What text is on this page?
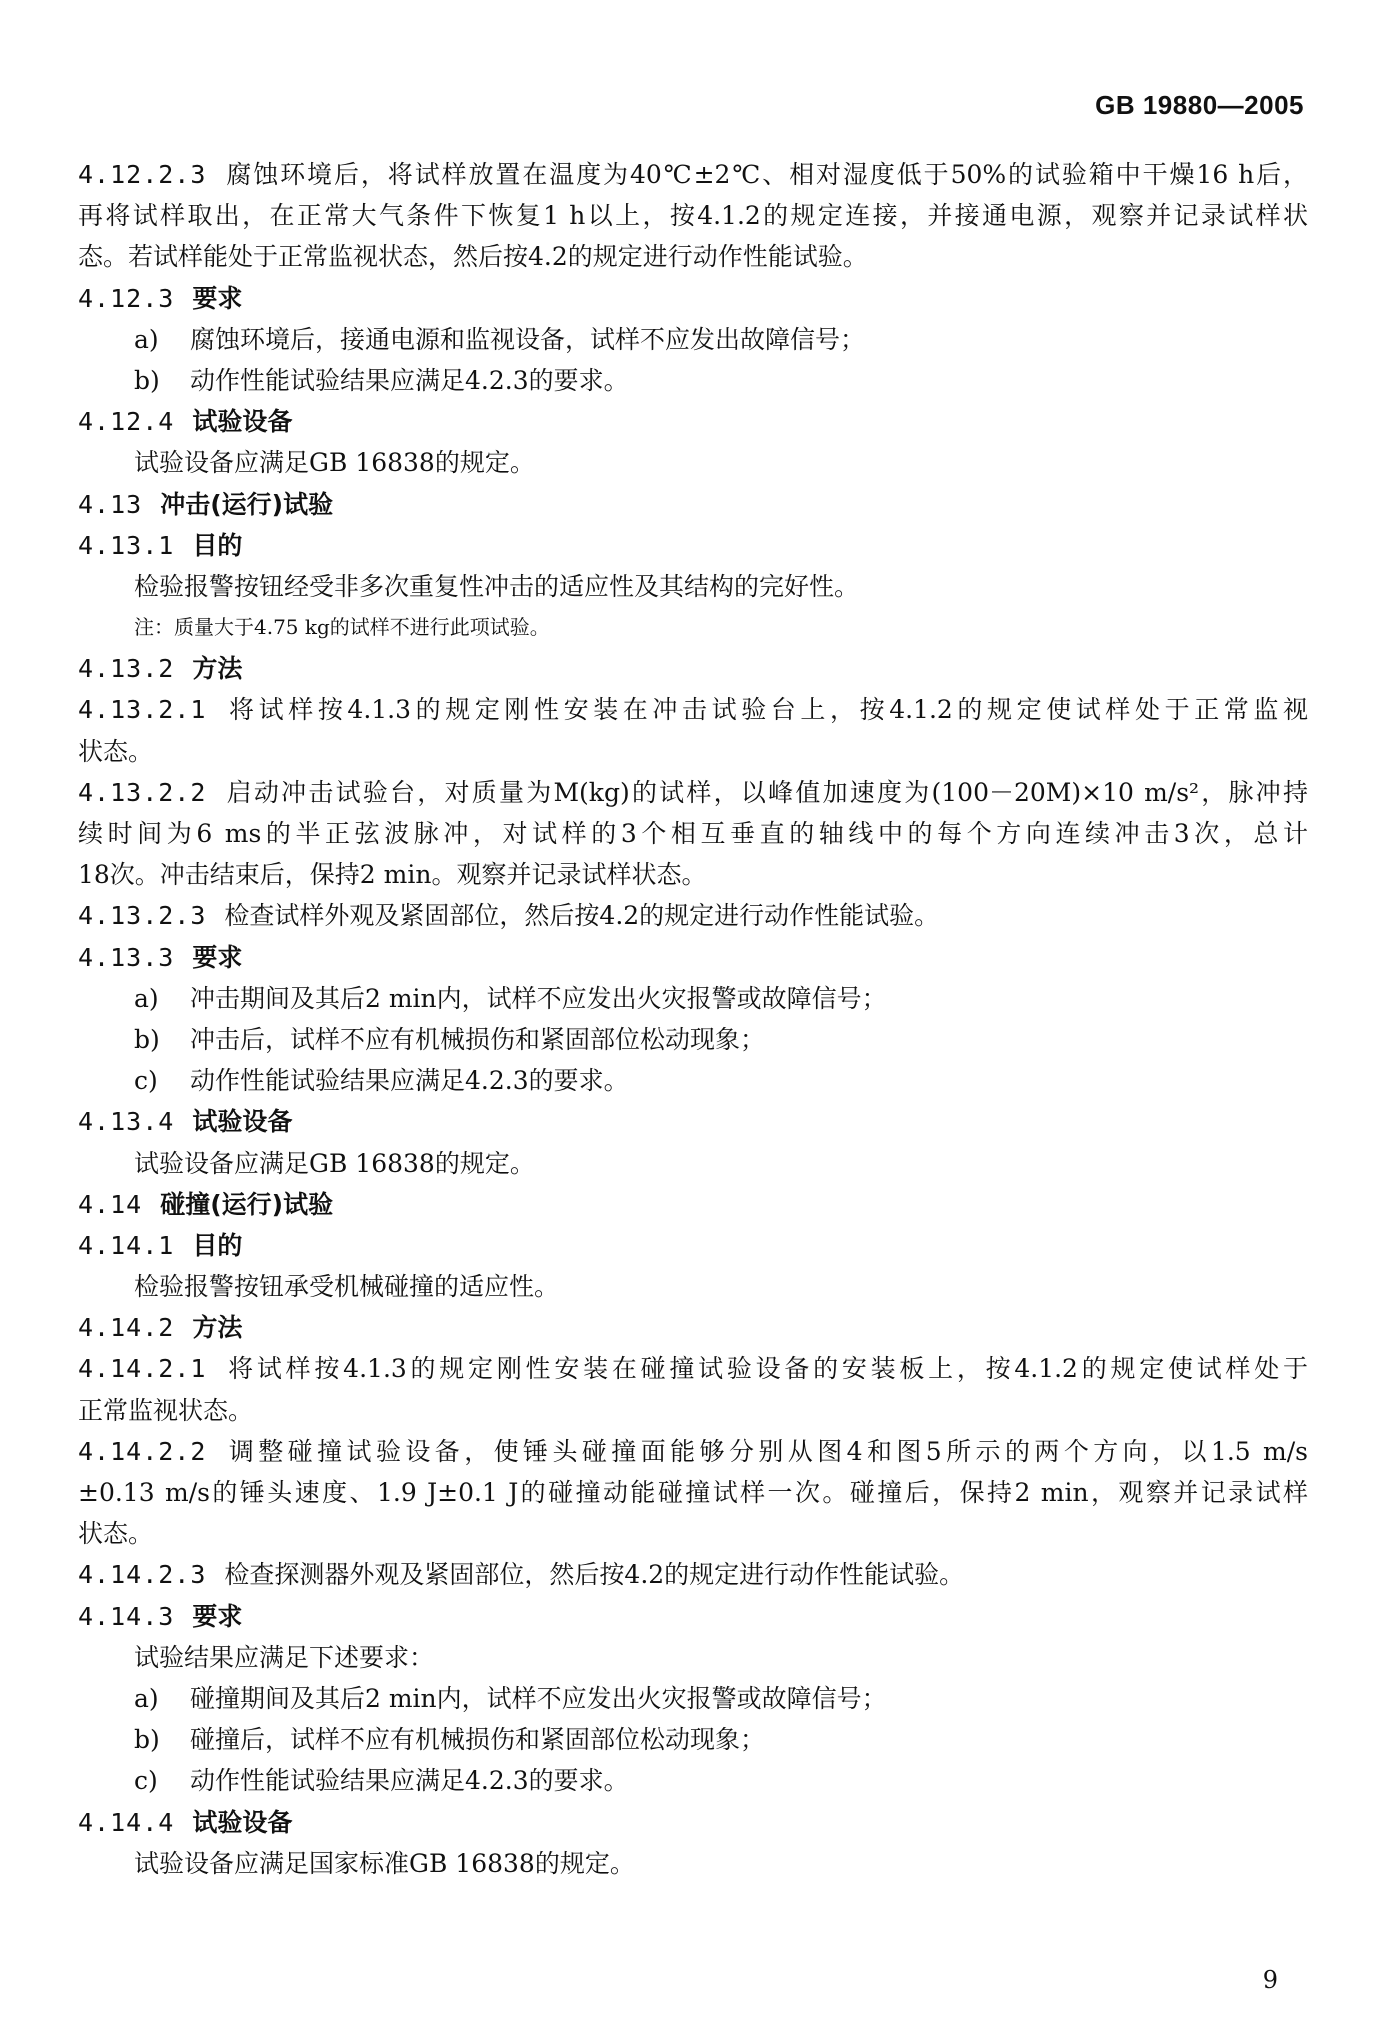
GB 19880—2005
4.12.2.3 腐蚀环境后，将试样放置在温度为40℃±2℃、相对湿度低于50%的试验箱中干燥16 h后，
再将试样取出，在正常大气条件下恢复1 h以上，按4.1.2的规定连接，并接通电源，观察并记录试样状
态。若试样能处于正常监视状态，然后按4.2的规定进行动作性能试验。
4.12.3 要求
a) 腐蚀环境后，接通电源和监视设备，试样不应发出故障信号；
b) 动作性能试验结果应满足4.2.3的要求。
4.12.4 试验设备
试验设备应满足GB 16838的规定。
4.13 冲击(运行)试验
4.13.1 目的
检验报警按钮经受非多次重复性冲击的适应性及其结构的完好性。
注：质量大于4.75 kg的试样不进行此项试验。
4.13.2 方法
4.13.2.1 将试样按4.1.3的规定刚性安装在冲击试验台上，按4.1.2的规定使试样处于正常监视
状态。
4.13.2.2 启动冲击试验台，对质量为M(kg)的试样，以峰值加速度为(100－20M)×10 m/s²，脉冲持
续时间为6 ms的半正弦波脉冲，对试样的3个相互垂直的轴线中的每个方向连续冲击3次，总计
18次。冲击结束后，保持2 min。观察并记录试样状态。
4.13.2.3 检查试样外观及紧固部位，然后按4.2的规定进行动作性能试验。
4.13.3 要求
a) 冲击期间及其后2 min内，试样不应发出火灾报警或故障信号；
b) 冲击后，试样不应有机械损伤和紧固部位松动现象；
c) 动作性能试验结果应满足4.2.3的要求。
4.13.4 试验设备
试验设备应满足GB 16838的规定。
4.14 碰撞(运行)试验
4.14.1 目的
检验报警按钮承受机械碰撞的适应性。
4.14.2 方法
4.14.2.1 将试样按4.1.3的规定刚性安装在碰撞试验设备的安装板上，按4.1.2的规定使试样处于
正常监视状态。
4.14.2.2 调整碰撞试验设备，使锤头碰撞面能够分别从图4和图5所示的两个方向，以1.5 m/s
±0.13 m/s的锤头速度、1.9 J±0.1 J的碰撞动能碰撞试样一次。碰撞后，保持2 min，观察并记录试样
状态。
4.14.2.3 检查探测器外观及紧固部位，然后按4.2的规定进行动作性能试验。
4.14.3 要求
试验结果应满足下述要求：
a) 碰撞期间及其后2 min内，试样不应发出火灾报警或故障信号；
b) 碰撞后，试样不应有机械损伤和紧固部位松动现象；
c) 动作性能试验结果应满足4.2.3的要求。
4.14.4 试验设备
试验设备应满足国家标准GB 16838的规定。
9
